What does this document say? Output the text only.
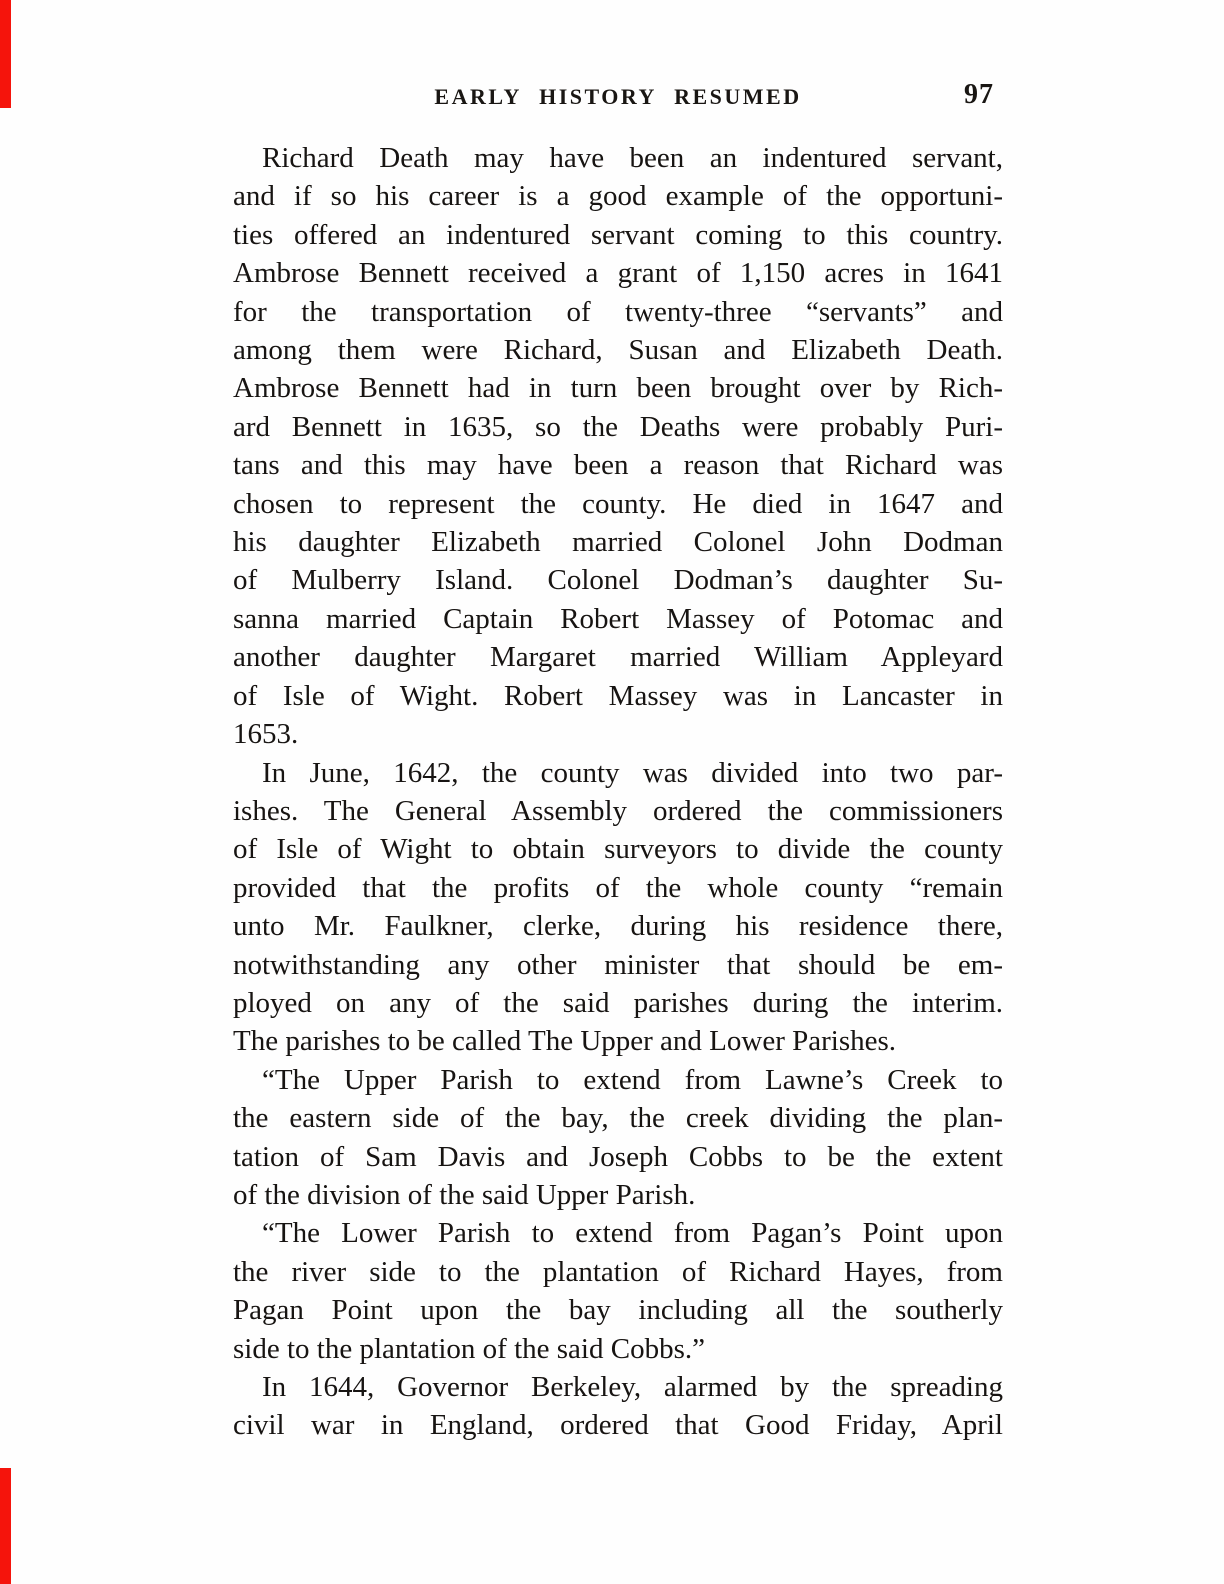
EARLY HISTORY RESUMED	97
Richard Death may have been an indentured servant,
and if so his career is a good example of the opportuni-
ties offered an indentured servant coming to this country.
Ambrose Bennett received a grant of 1,150 acres in 1641
for the transportation of twenty-three “servants” and
among them were Richard, Susan and Elizabeth Death.
Ambrose Bennett had in turn been brought over by Rich-
ard Bennett in 1635, so the Deaths were probably Puri-
tans and this may have been a reason that Richard was
chosen to represent the county. He died in 1647 and
his daughter Elizabeth married Colonel John Dodman
of Mulberry Island. Colonel Dodman’s daughter Su-
sanna married Captain Robert Massey of Potomac and
another daughter Margaret married William Appleyard
of Isle of Wight. Robert Massey was in Lancaster in
1653.
In June, 1642, the county was divided into two par-
ishes. The General Assembly ordered the commissioners
of Isle of Wight to obtain surveyors to divide the county
provided that the profits of the whole county “remain
unto Mr. Faulkner, clerke, during his residence there,
notwithstanding any other minister that should be em-
ployed on any of the said parishes during the interim.
The parishes to be called The Upper and Lower Parishes.
“The Upper Parish to extend from Lawne’s Creek to
the eastern side of the bay, the creek dividing the plan-
tation of Sam Davis and Joseph Cobbs to be the extent
of the division of the said Upper Parish.
“The Lower Parish to extend from Pagan’s Point upon
the river side to the plantation of Richard Hayes, from
Pagan Point upon the bay including all the southerly
side to the plantation of the said Cobbs.”
In 1644, Governor Berkeley, alarmed by the spreading
civil war in England, ordered that Good Friday, April
